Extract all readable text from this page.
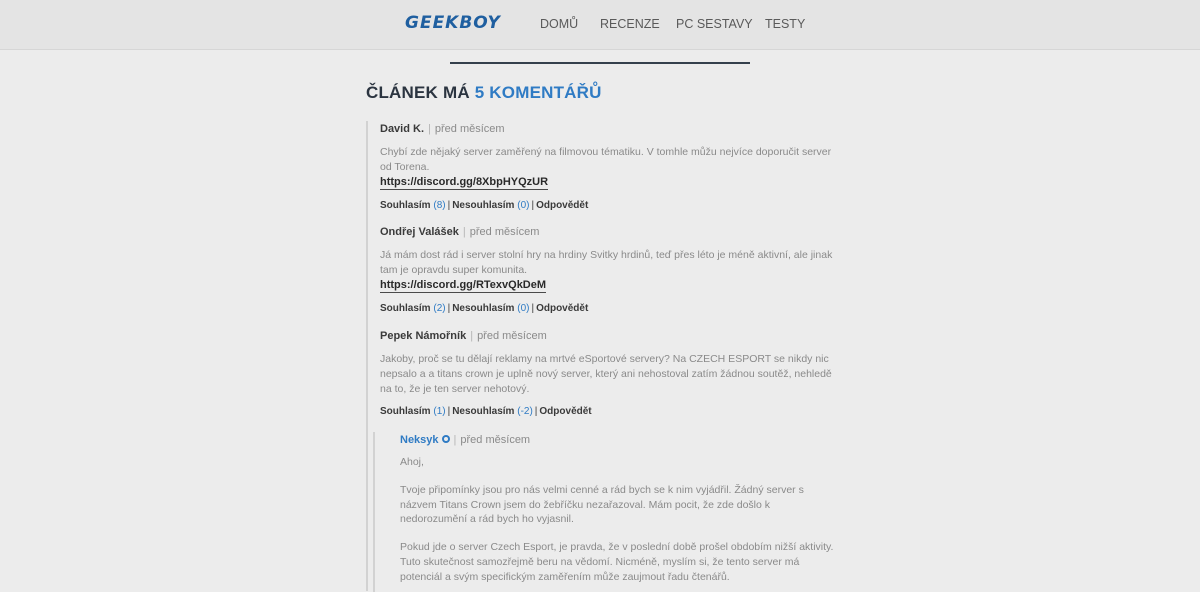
GEEKBOY	DOMŮ RECENZE PC SESTAVY TESTY
ČLÁNEK MÁ 5 KOMENTÁŘŮ
David K. | před měsícem

Chybí zde nějaký server zaměřený na filmovou tématiku. V tomhle můžu nejvíce doporučit server od Torena.

https://discord.gg/8XbpHYQzUR
Souhlasím (8) | Nesouhlasím (0) | Odpovědět
Ondřej Valášek | před měsícem

Já mám dost rád i server stolní hry na hrdiny Svitky hrdinů, teď přes léto je méně aktivní, ale jinak tam je opravdu super komunita.

https://discord.gg/RTexvQkDeM
Souhlasím (2) | Nesouhlasím (0) | Odpovědět
Pepek Námořník | před měsícem

Jakoby, proč se tu dělají reklamy na mrtvé eSportové servery? Na CZECH ESPORT se nikdy nic nepsalo a a titans crown je uplně nový server, který ani nehostoval zatím žádnou soutěž, nehledě na to, že je ten server nehotový.

Souhlasím (1) | Nesouhlasím (-2) | Odpovědět
Neksyk | před měsícem

Ahoj,

Tvoje připomínky jsou pro nás velmi cenné a rád bych se k nim vyjádřil. Žádný server s názvem Titans Crown jsem do žebříčku nezařazoval. Mám pocit, že zde došlo k nedorozumění a rád bych ho vyjasnil.

Pokud jde o server Czech Esport, je pravda, že v poslední době prošel obdobím nižší aktivity. Tuto skutečnost samozřejmě beru na vědomí. Nicméně, myslím si, že tento server má potenciál a svým specifickým zaměřením může zaujmout řadu čtenářů.
